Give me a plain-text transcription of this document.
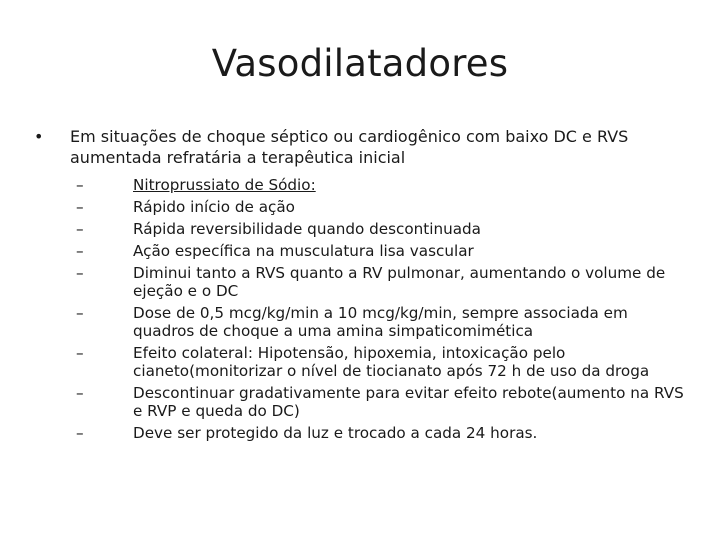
Vasodilatadores
• Em situações de choque séptico ou cardiogênico com baixo DC e RVS aumentada refratária a terapêutica inicial
–	Nitroprussiato de Sódio:
–	Rápido início de ação
–	Rápida reversibilidade quando descontinuada
–	Ação específica na musculatura lisa vascular
–	Diminui tanto a RVS quanto a RV pulmonar, aumentando o volume de ejeção e o DC
–	Dose de 0,5 mcg/kg/min a 10 mcg/kg/min, sempre associada em quadros de choque a uma amina simpaticomimética
–	Efeito colateral: Hipotensão, hipoxemia, intoxicação pelo cianeto(monitorizar o nível de tiocianato após 72 h de uso da droga
–	Descontinuar gradativamente para evitar efeito rebote(aumento na RVS e RVP e queda do DC)
–	Deve ser protegido da luz e trocado a cada 24 horas.
